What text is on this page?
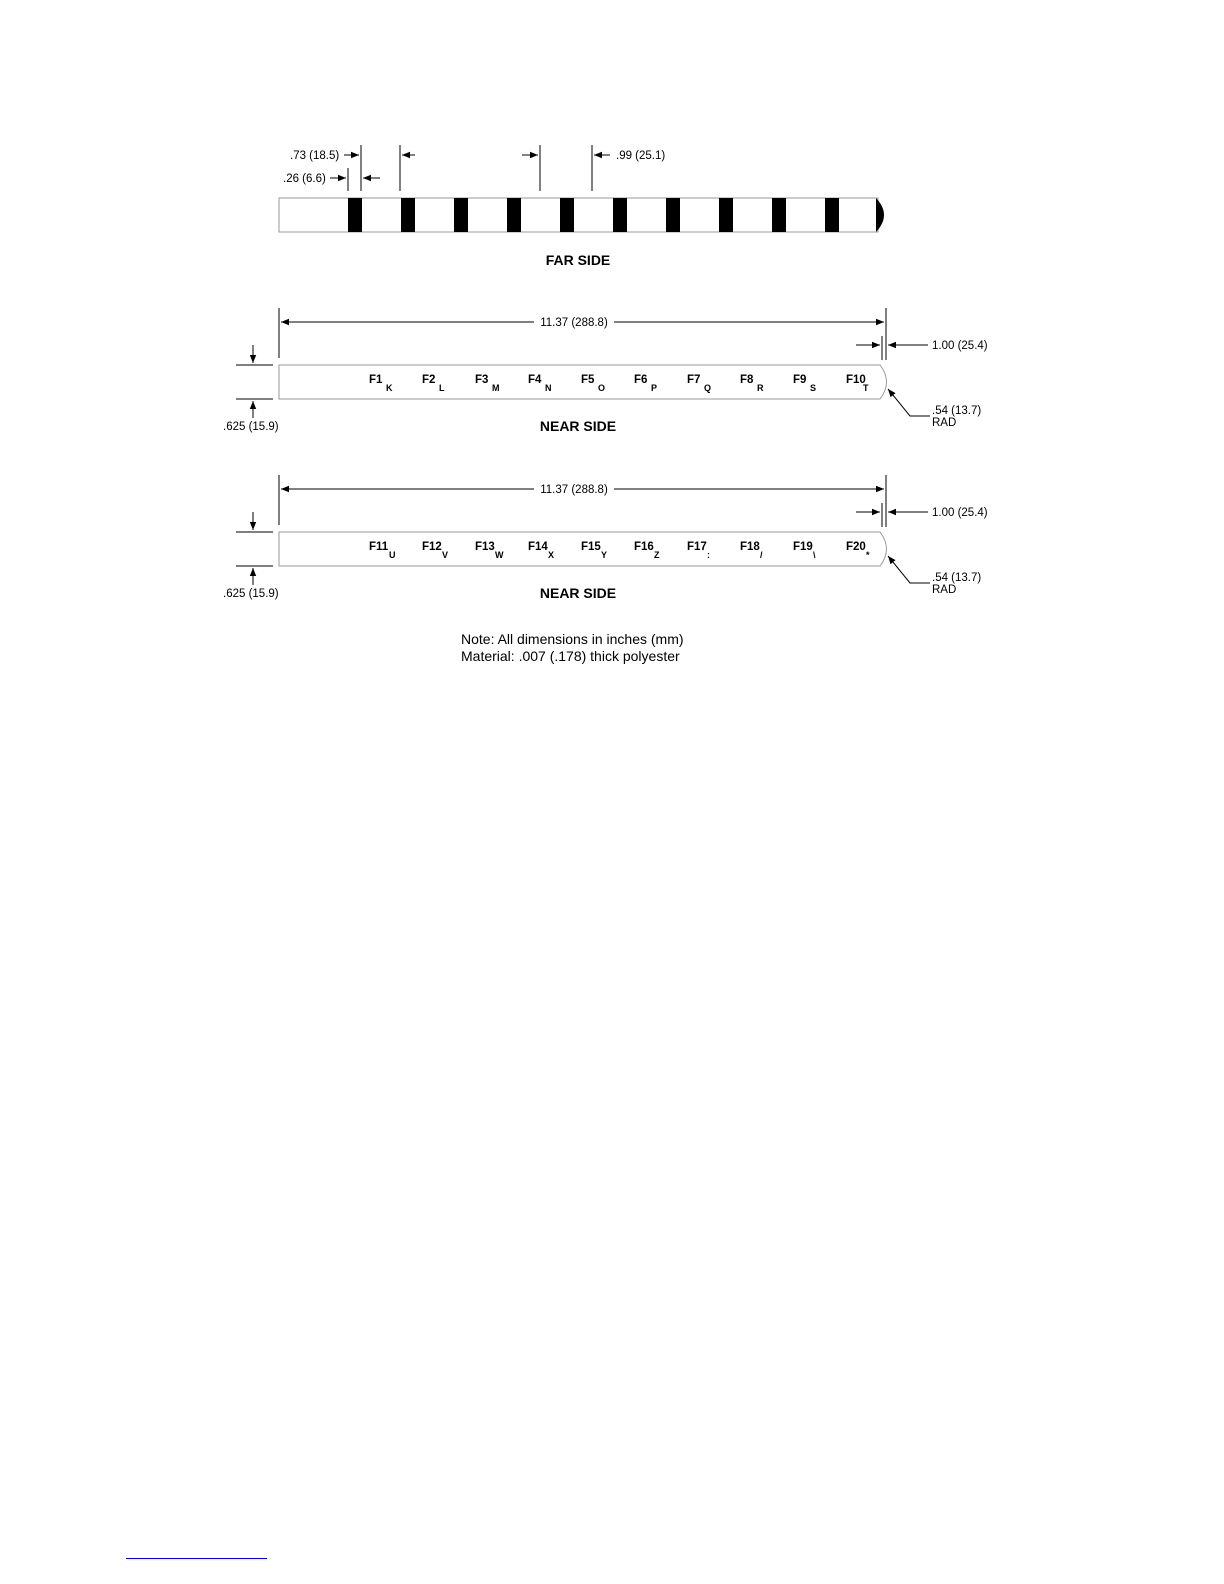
.73 (18.5)
.26 (6.6)
.99 (25.1)
FAR SIDE
11.37 (288.8)
1.00 (25.4)
.625 (15.9)
F1
K
F2
L
F3
M
F4
N
F5
O
F6
P
F7
Q
F8
R
F9
S
F10
T
.54 (13.7)
RAD
NEAR SIDE
11.37 (288.8)
1.00 (25.4)
.625 (15.9)
F11
U
F12
V
F13
W
F14
X
F15
Y
F16
Z
F17
:
F18
/
F19
\
F20
*
.54 (13.7)
RAD
NEAR SIDE
Note: All dimensions in inches (mm)
Material: .007 (.178) thick polyester
